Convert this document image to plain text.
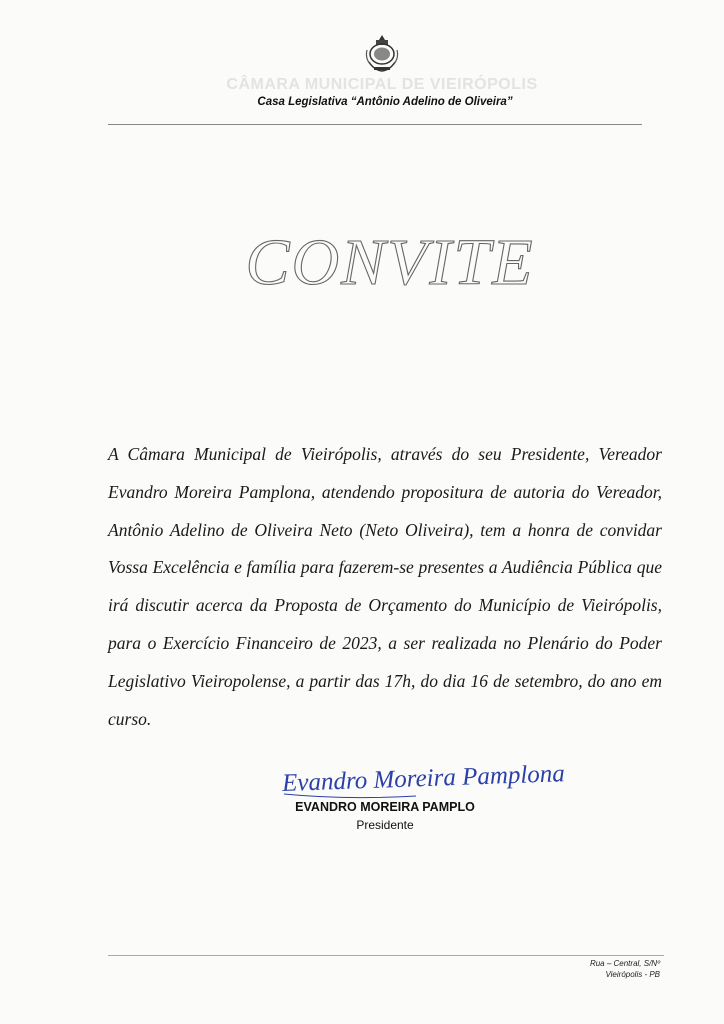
CÂMARA MUNICIPAL DE VIEIRÓPOLIS
Casa Legislativa “Antônio Adelino de Oliveira”
CONVITE
A Câmara Municipal de Vieirópolis, através do seu Presidente, Vereador Evandro Moreira Pamplona, atendendo propositura de autoria do Vereador, Antônio Adelino de Oliveira Neto (Neto Oliveira), tem a honra de convidar Vossa Excelência e família para fazerem-se presentes a Audiência Pública que irá discutir acerca da Proposta de Orçamento do Município de Vieirópolis, para o Exercício Financeiro de 2023, a ser realizada no Plenário do Poder Legislativo Vieiropolense, a partir das 17h, do dia 16 de setembro, do ano em curso.
Evandro Moreira Pamplona
EVANDRO MOREIRA PAMPLO
Presidente
Rua – Central, S/Nº
Vieirópolis - PB
